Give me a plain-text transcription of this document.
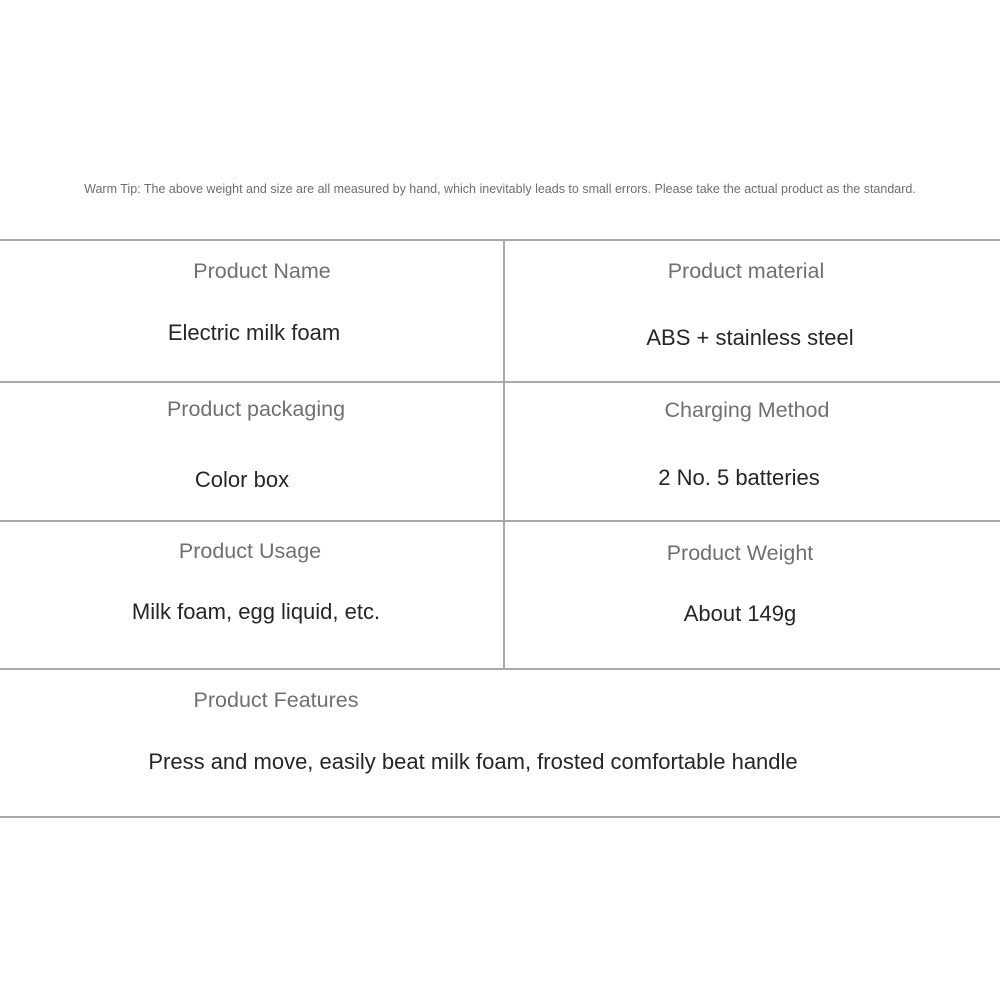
Warm Tip: The above weight and size are all measured by hand, which inevitably leads to small errors. Please take the actual product as the standard.
Product Name
Electric milk foam
Product material
ABS + stainless steel
Product packaging
Color box
Charging Method
2 No. 5 batteries
Product Usage
Milk foam, egg liquid, etc.
Product Weight
About 149g
Product Features
Press and move, easily beat milk foam, frosted comfortable handle
